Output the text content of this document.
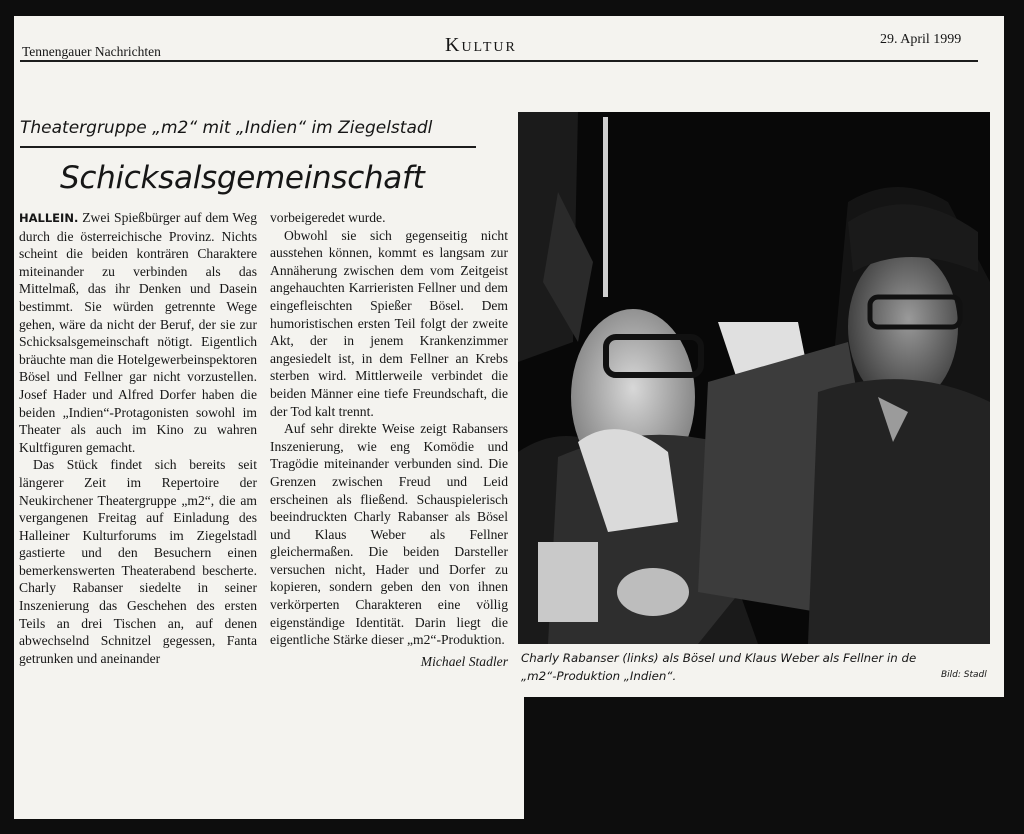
Tennengauer Nachrichten	Kultur	29. April 1999
Theatergruppe „m2“ mit „Indien“ im Ziegelstadl
Schicksalsgemeinschaft

HALLEIN. Zwei Spießbürger auf dem Weg durch die österreichische Provinz. Nichts scheint die beiden konträren Charaktere miteinander zu verbinden als das Mittelmaß, das ihr Denken und Dasein bestimmt. Sie würden getrennte Wege gehen, wäre da nicht der Beruf, der sie zur Schicksalsgemeinschaft nötigt. Eigentlich bräuchte man die Hotelgewerbeinspektoren Bösel und Fellner gar nicht vorzustellen. Josef Hader und Alfred Dorfer haben die beiden „Indien“-Protagonisten sowohl im Theater als auch im Kino zu wahren Kultfiguren gemacht.

Das Stück findet sich bereits seit längerer Zeit im Repertoire der Neukirchener Theatergruppe „m2“, die am vergangenen Freitag auf Einladung des Halleiner Kulturforums im Ziegelstadl gastierte und den Besuchern einen bemerkenswerten Theaterabend bescherte. Charly Rabanser siedelte in seiner Inszenierung das Geschehen des ersten Teils an drei Tischen an, auf denen abwechselnd Schnitzel gegessen, Fanta getrunken und aneinander

vorbeigeredet wurde.

Obwohl sie sich gegenseitig nicht ausstehen können, kommt es langsam zur Annäherung zwischen dem vom Zeitgeist angehauchten Karrieristen Fellner und dem eingefleischten Spießer Bösel. Dem humoristischen ersten Teil folgt der zweite Akt, der in jenem Krankenzimmer angesiedelt ist, in dem Fellner an Krebs sterben wird. Mittlerweile verbindet die beiden Männer eine tiefe Freundschaft, die der Tod kalt trennt.

Auf sehr direkte Weise zeigt Rabansers Inszenierung, wie eng Komödie und Tragödie miteinander verbunden sind. Die Grenzen zwischen Freud und Leid erscheinen als fließend. Schauspielerisch beeindruckten Charly Rabanser als Bösel und Klaus Weber als Fellner gleichermaßen. Die beiden Darsteller versuchen nicht, Hader und Dorfer zu kopieren, sondern geben den von ihnen verkörperten Charakteren eine völlig eigenständige Identität. Darin liegt die eigentliche Stärke dieser „m2“-Produktion.

Michael Stadler Charly Rabanser (links) als Bösel und Klaus Weber als Fellner in de
„m2“-Produktion „Indien“.	Bild: Stadl
